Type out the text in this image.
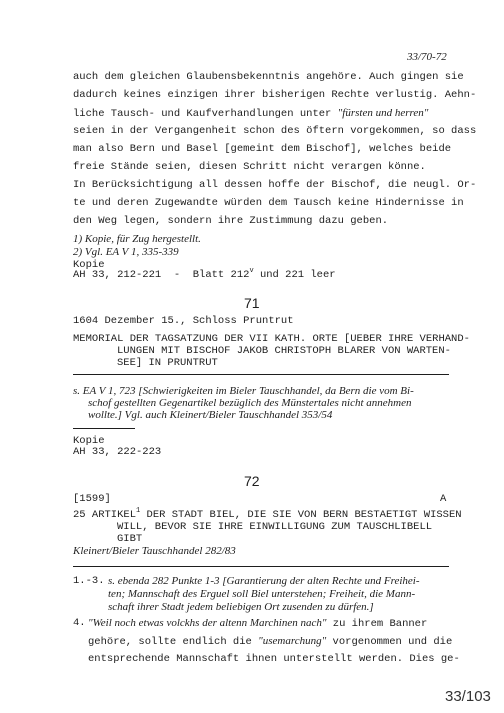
33/70-72
auch dem gleichen Glaubensbekenntnis angehöre. Auch gingen sie
dadurch keines einzigen ihrer bisherigen Rechte verlustig. Aehn-
liche Tausch- und Kaufverhandlungen unter "fürsten und herren"
seien in der Vergangenheit schon des öftern vorgekommen, so dass
man also Bern und Basel [gemeint dem Bischof], welches beide
freie Stände seien, diesen Schritt nicht verargen könne.
In Berücksichtigung all dessen hoffe der Bischof, die neugl. Or-
te und deren Zugewandte würden dem Tausch keine Hindernisse in
den Weg legen, sondern ihre Zustimmung dazu geben.
1) Kopie, für Zug hergestellt.
2) Vgl. EA V 1, 335-339
Kopie
AH 33, 212-221  -  Blatt 212$^v$ und 221 leer
71
1604 Dezember 15., Schloss Pruntrut
MEMORIAL DER TAGSATZUNG DER VII KATH. ORTE [UEBER IHRE VERHAND-
LUNGEN MIT BISCHOF JAKOB CHRISTOPH BLARER VON WARTEN-
SEE] IN PRUNTRUT
s. EA V 1, 723 [Schwierigkeiten im Bieler Tauschhandel, da Bern die vom Bi-
schof gestellten Gegenartikel bezüglich des Münstertales nicht annehmen
wollte.] Vgl. auch Kleinert/Bieler Tauschhandel 353/54
Kopie
AH 33, 222-223
72
[1599]	A
25 ARTIKEL$^1$ DER STADT BIEL, DIE SIE VON BERN BESTAETIGT WISSEN
WILL, BEVOR SIE IHRE EINWILLIGUNG ZUM TAUSCHLIBELL
GIBT
Kleinert/Bieler Tauschhandel 282/83
1.-3. s. ebenda 282 Punkte 1-3 [Garantierung der alten Rechte und Freihei-
ten; Mannschaft des Erguel soll Biel unterstehen; Freiheit, die Mann-
schaft ihrer Stadt jedem beliebigen Ort zusenden zu dürfen.]
4. "Weil noch etwas volckhs der altenn Marchinen nach" zu ihrem Banner
gehöre, sollte endlich die "usemarchung" vorgenommen und die
entsprechende Mannschaft ihnen unterstellt werden. Dies ge-
33/103
